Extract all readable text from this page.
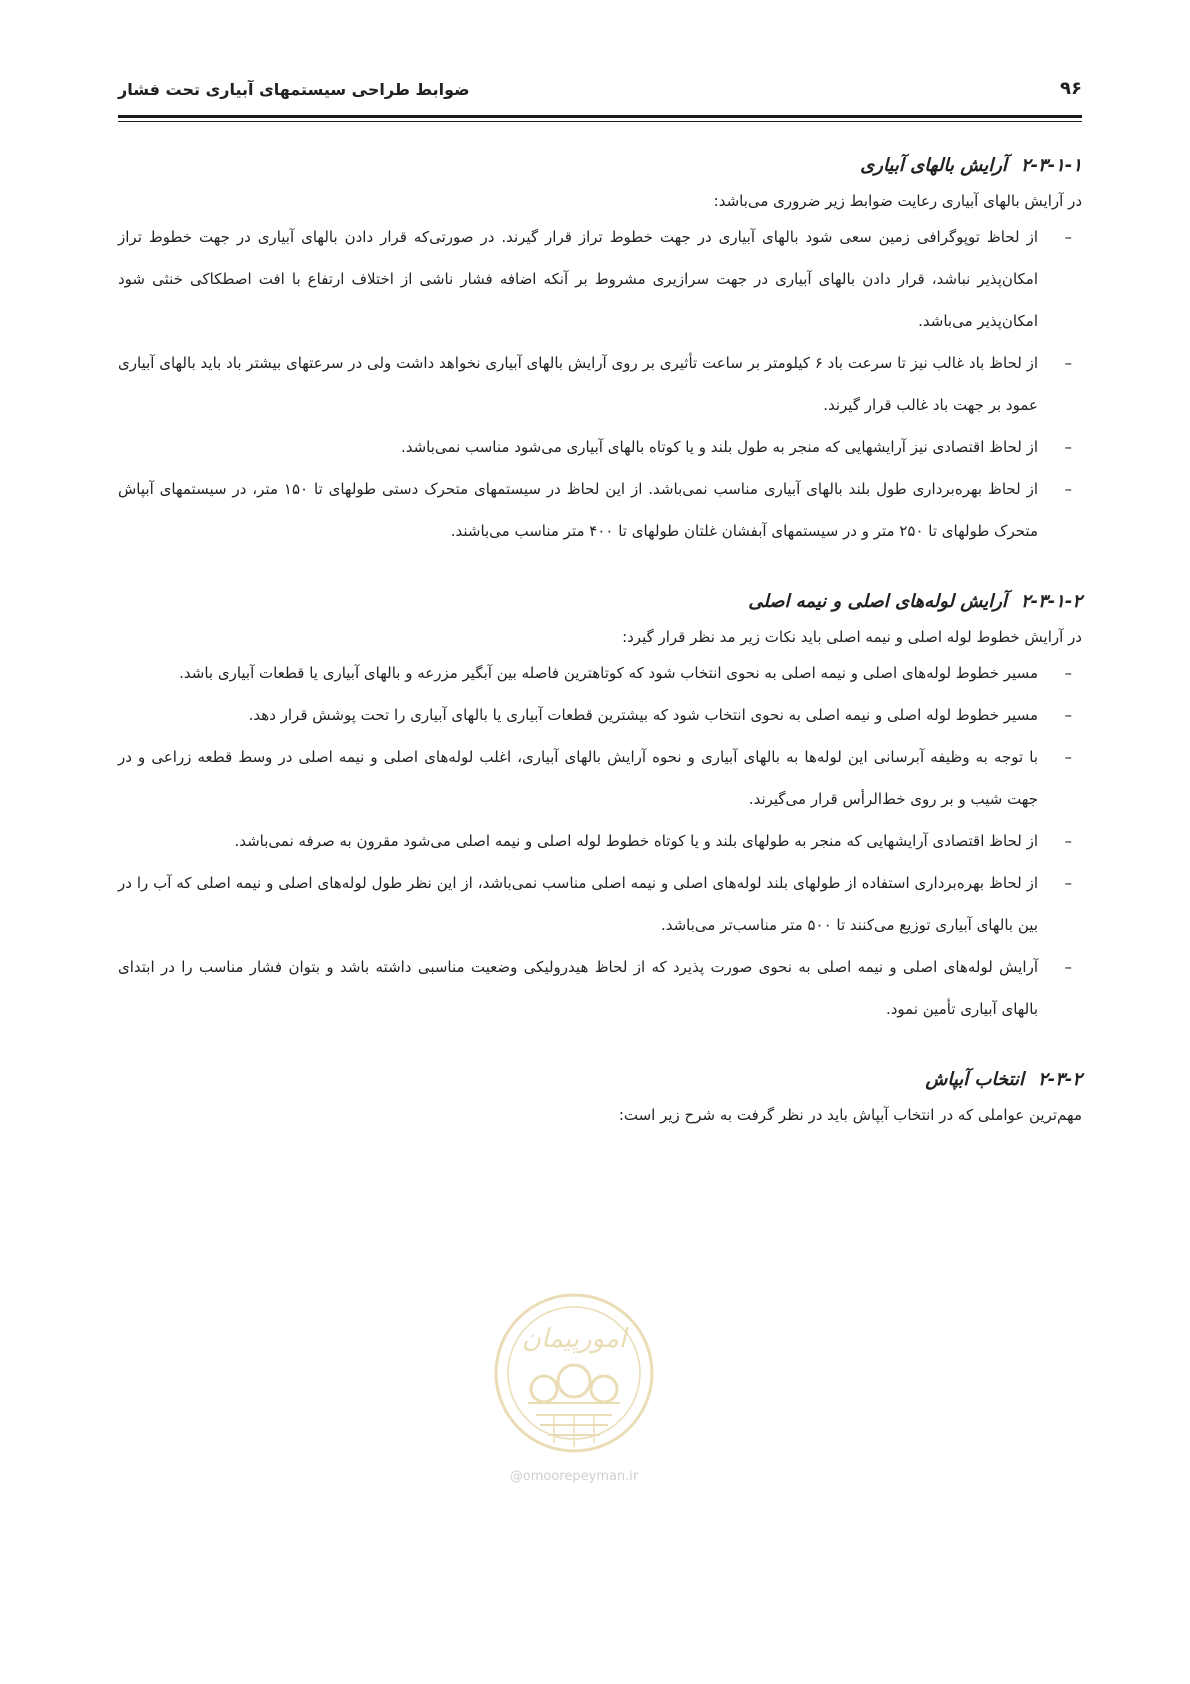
ضوابط طراحی سیستمهای آبیاری تحت فشار	۹۶
۲-۳-۱-۱آرایش بالهای آبیاری

در آرایش بالهای آبیاری رعایت ضوابط زیر ضروری می‌باشد:

–
از لحاظ توپوگرافی زمین سعی شود بالهای آبیاری در جهت خطوط تراز قرار گیرند. در صورتی‌که قرار دادن بالهای آبیاری در جهت خطوط تراز امکان‌پذیر نباشد، قرار دادن بالهای آبیاری در جهت سرازیری مشروط بر آنکه اضافه فشار ناشی از اختلاف ارتفاع با افت اصطکاکی خنثی شود امکان‌پذیر می‌باشد.
–
از لحاظ باد غالب نیز تا سرعت باد ۶ کیلومتر بر ساعت تأثیری بر روی آرایش بالهای آبیاری نخواهد داشت ولی در سرعتهای بیشتر باد باید بالهای آبیاری عمود بر جهت باد غالب قرار گیرند.
–
از لحاظ اقتصادی نیز آرایشهایی که منجر به طول بلند و یا کوتاه بالهای آبیاری می‌شود مناسب نمی‌باشد.
–
از لحاظ بهره‌برداری طول بلند بالهای آبیاری مناسب نمی‌باشد. از این لحاظ در سیستمهای متحرک دستی طولهای تا ۱۵۰ متر، در سیستمهای آبپاش متحرک طولهای تا ۲۵۰ متر و در سیستمهای آبفشان غلتان طولهای تا ۴۰۰ متر مناسب می‌باشند.
۲-۳-۱-۲آرایش لوله‌های اصلی و نیمه اصلی

در آرایش خطوط لوله اصلی و نیمه اصلی باید نکات زیر مد نظر قرار گیرد:

–
مسیر خطوط لوله‌های اصلی و نیمه اصلی به نحوی انتخاب شود که کوتاهترین فاصله بین آبگیر مزرعه و بالهای آبیاری یا قطعات آبیاری باشد.
–
مسیر خطوط لوله اصلی و نیمه اصلی به نحوی انتخاب شود که بیشترین قطعات آبیاری یا بالهای آبیاری را تحت پوشش قرار دهد.
–
با توجه به وظیفه آبرسانی این لوله‌ها به بالهای آبیاری و نحوه آرایش بالهای آبیاری، اغلب لوله‌های اصلی و نیمه اصلی در وسط قطعه زراعی و در جهت شیب و بر روی خط‌الرأس قرار می‌گیرند.
–
از لحاظ اقتصادی آرایشهایی که منجر به طولهای بلند و یا کوتاه خطوط لوله اصلی و نیمه اصلی می‌شود مقرون به صرفه نمی‌باشد.
–
از لحاظ بهره‌برداری استفاده از طولهای بلند لوله‌های اصلی و نیمه اصلی مناسب نمی‌باشد، از این نظر طول لوله‌های اصلی و نیمه اصلی که آب را در بین بالهای آبیاری توزیع می‌کنند تا ۵۰۰ متر مناسب‌تر می‌باشد.
–
آرایش لوله‌های اصلی و نیمه اصلی به نحوی صورت پذیرد که از لحاظ هیدرولیکی وضعیت مناسبی داشته باشد و بتوان فشار مناسب را در ابتدای بالهای آبیاری تأمین نمود.
۲-۳-۲انتخاب آبپاش

مهم‌ترین عواملی که در انتخاب آبپاش باید در نظر گرفت به شرح زیر است:

امورپیمان
@omoorepeyman.ir
